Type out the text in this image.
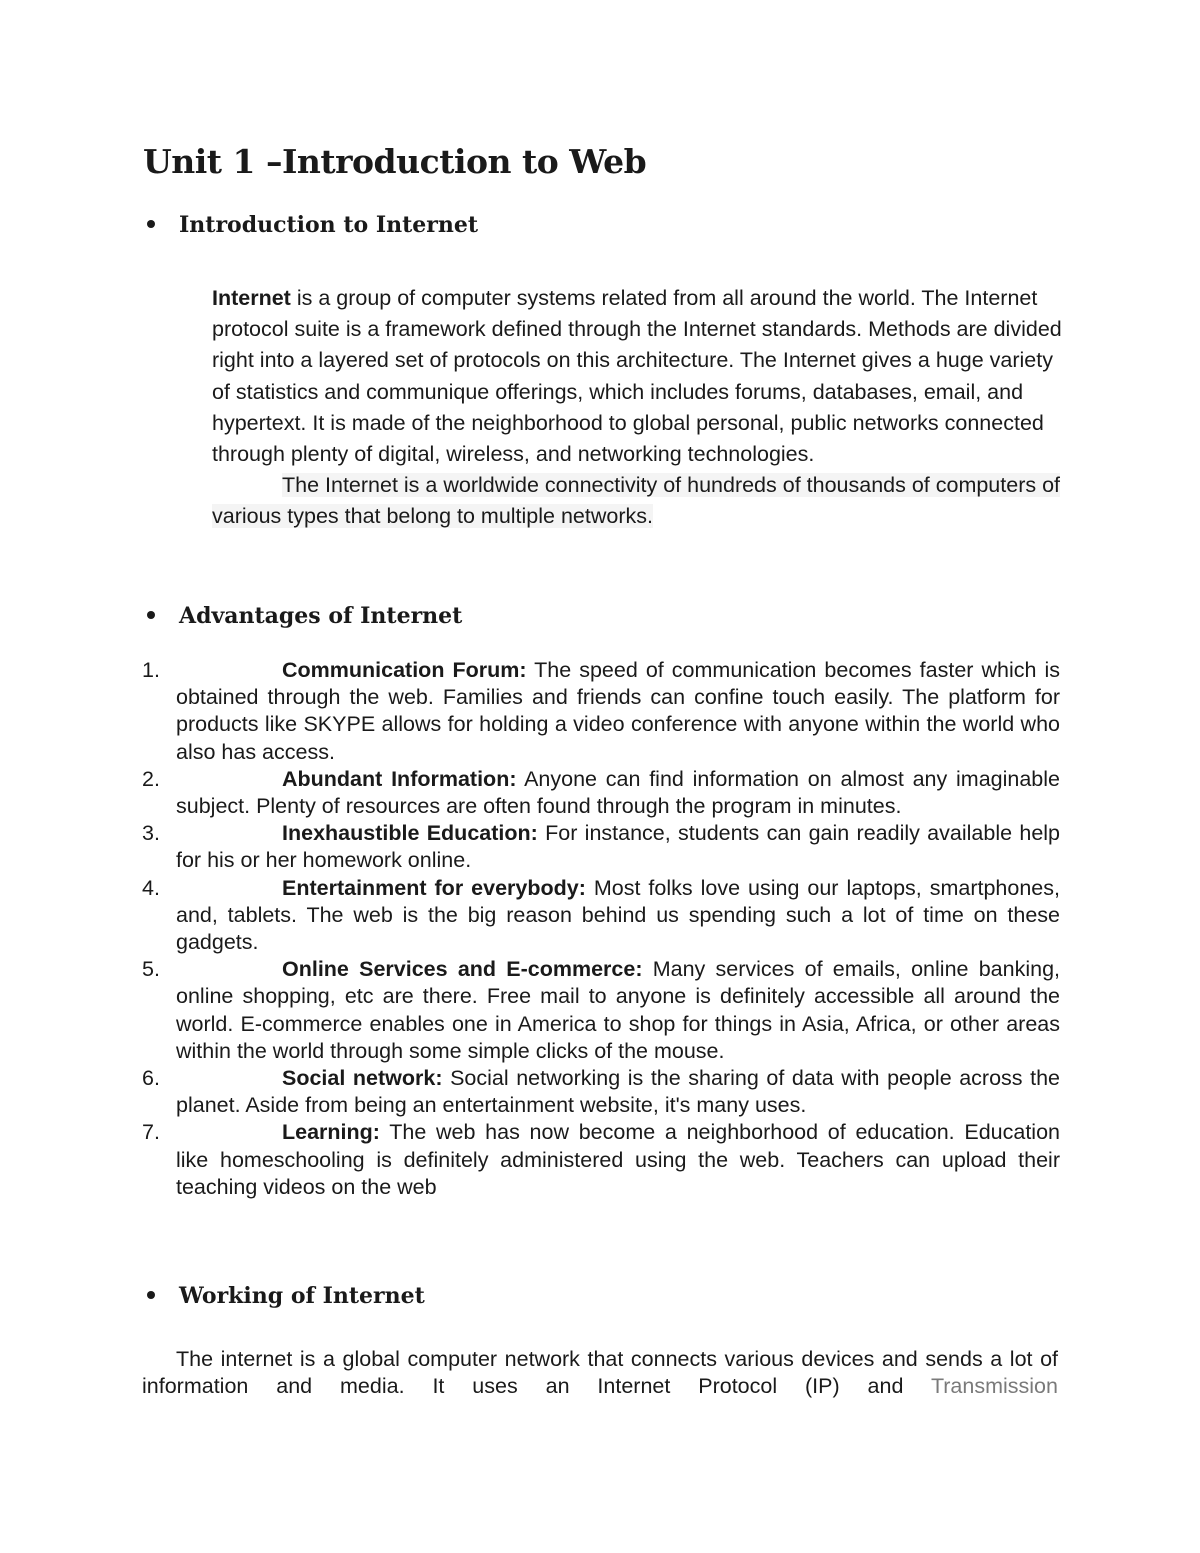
Unit 1 –Introduction to Web
Introduction to Internet

Internet is a group of computer systems related from all around the world. The Internet protocol suite is a framework defined through the Internet standards. Methods are divided right into a layered set of protocols on this architecture. The Internet gives a huge variety of statistics and communique offerings, which includes forums, databases, email, and hypertext. It is made of the neighborhood to global personal, public networks connected through plenty of digital, wireless, and networking technologies.
The Internet is a worldwide connectivity of hundreds of thousands of computers of various types that belong to multiple networks.

Advantages of Internet
1.	Communication Forum: The speed of communication becomes faster which is obtained through the web. Families and friends can confine touch easily. The platform for products like SKYPE allows for holding a video conference with anyone within the world who also has access.
2.	Abundant Information: Anyone can find information on almost any imaginable subject. Plenty of resources are often found through the program in minutes.
3.	Inexhaustible Education: For instance, students can gain readily available help for his or her homework online.
4.	Entertainment for everybody: Most folks love using our laptops, smartphones, and, tablets. The web is the big reason behind us spending such a lot of time on these gadgets.
5.	Online Services and E-commerce: Many services of emails, online banking, online shopping, etc are there. Free mail to anyone is definitely accessible all around the world. E-commerce enables one in America to shop for things in Asia, Africa, or other areas within the world through some simple clicks of the mouse.
6.	Social network: Social networking is the sharing of data with people across the planet. Aside from being an entertainment website, it's many uses.
7.	Learning: The web has now become a neighborhood of education. Education like homeschooling is definitely administered using the web. Teachers can upload their teaching videos on the web
Working of Internet

The internet is a global computer network that connects various devices and sends a lot of information and media. It uses an Internet Protocol (IP) and Transmission
